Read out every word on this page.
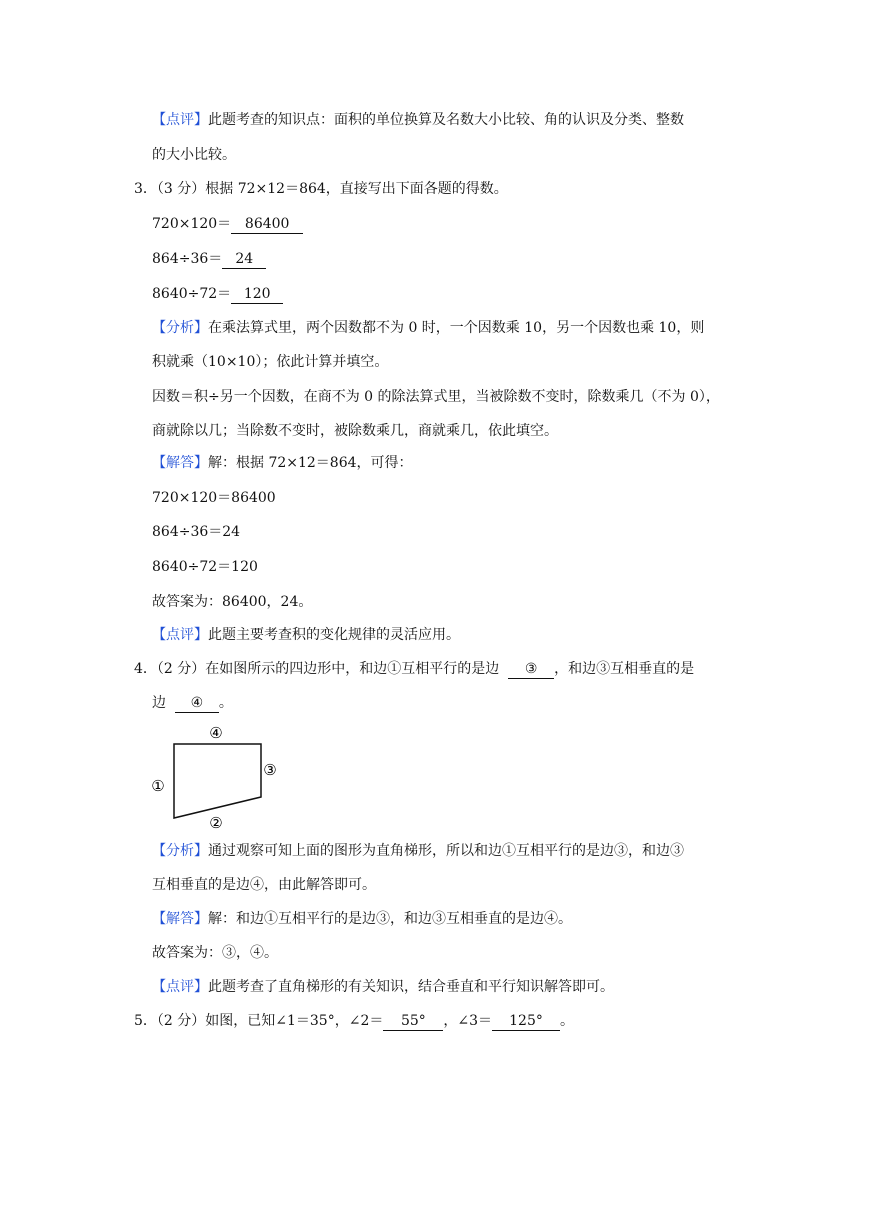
【点评】此题考查的知识点：面积的单位换算及名数大小比较、角的认识及分类、整数
的大小比较。
3．（3 分）根据 72×12＝864，直接写出下面各题的得数。
720×120＝ 86400
864÷36＝ 24
8640÷72＝ 120
【分析】在乘法算式里，两个因数都不为 0 时，一个因数乘 10，另一个因数也乘 10，则
积就乘（10×10）；依此计算并填空。
因数＝积÷另一个因数，在商不为 0 的除法算式里，当被除数不变时，除数乘几（不为 0），
商就除以几；当除数不变时，被除数乘几，商就乘几，依此填空。
【解答】解：根据 72×12＝864，可得：
720×120＝86400
864÷36＝24
8640÷72＝120
故答案为：86400，24。
【点评】此题主要考查积的变化规律的灵活应用。
4．（2 分）在如图所示的四边形中，和边①互相平行的是边 ③ ，和边③互相垂直的是
边 ④ 。
④
①
③
②
【分析】通过观察可知上面的图形为直角梯形，所以和边①互相平行的是边③，和边③
互相垂直的是边④，由此解答即可。
【解答】解：和边①互相平行的是边③，和边③互相垂直的是边④。
故答案为：③，④。
【点评】此题考查了直角梯形的有关知识，结合垂直和平行知识解答即可。
5．（2 分）如图，已知∠1＝35°，∠2＝ 55° ，∠3＝ 125° 。
